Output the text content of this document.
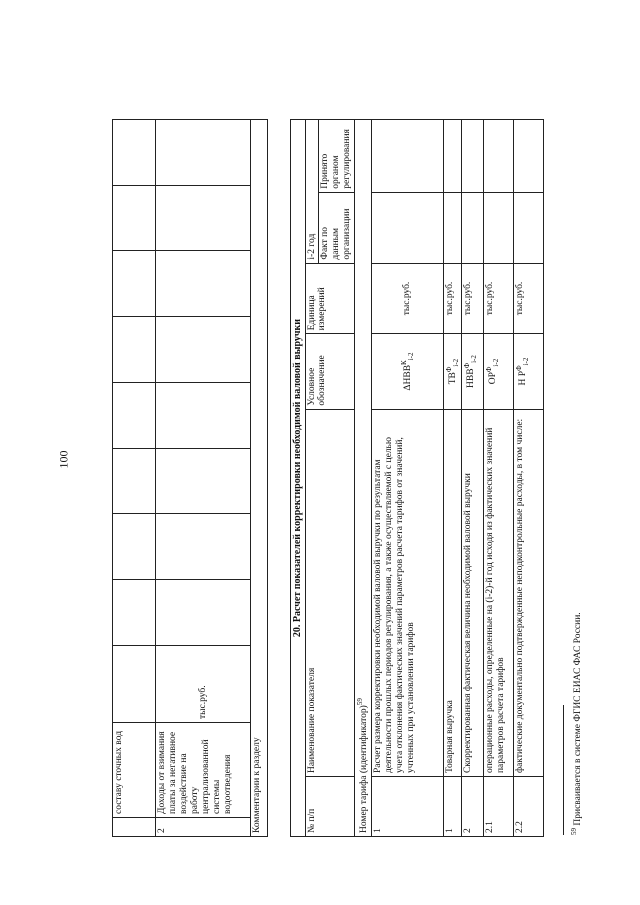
100
	составу сточных вод									
2	Доходы от взимания платы за негативное воздействие на работу централизованной системы водоотведения	тыс.руб.								
Комментарии к разделу										
20. Расчет показателей корректировки необходимой валовой выручки					
№ п/п	Наименование показателя	Условное обозначение	Единица измерений	i-2 год	
				Факт по данным организации	Принято органом регулирования
Номер тарифа (идентификатор)$^{59}$
1	Расчет размера корректировки необходимой валовой выручки по результатам деятельности прошлых периодов регулирования, а также осуществляемой с целью учета отклонения фактических значений параметров расчета тарифов от значений, учтенных при установлении тарифов	$\Delta НВВ^К_{i-2}$	тыс.руб.		
1	Товарная выручка	$ТВ^Ф_{i-2}$	тыс.руб.		
2	Скорректированная фактическая величина необходимой валовой выручки	$НВВ^Ф_{i-2}$	тыс.руб.		
2.1	операционные расходы, определенные на (i-2)-й год исходя из фактических значений параметров расчета тарифов	$ОР^Ф_{i-2}$	тыс.руб.		
2.2	фактические документально подтвержденные неподконтрольные расходы, в том числе:	Н $Р^Ф_{i-2}$	тыс.руб.		
$^{59}$ Присваивается в системе ФГИС ЕИАС ФАС России.
